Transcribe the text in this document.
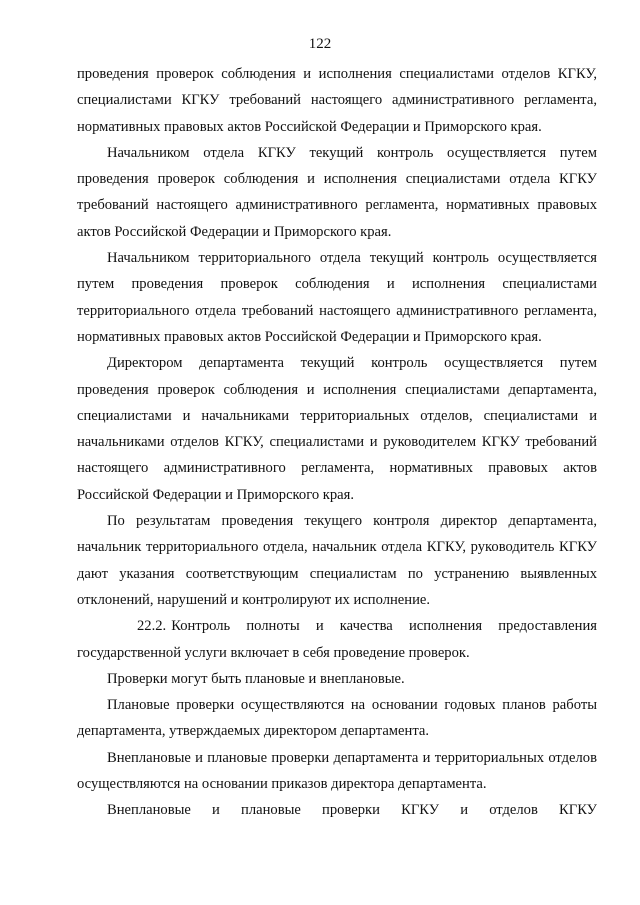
122

проведения проверок соблюдения и исполнения специалистами отделов КГКУ, специалистами КГКУ требований настоящего административного регламента, нормативных правовых актов Российской Федерации и Приморского края.

Начальником отдела КГКУ текущий контроль осуществляется путем проведения проверок соблюдения и исполнения специалистами отдела КГКУ требований настоящего административного регламента, нормативных правовых актов Российской Федерации и Приморского края.

Начальником территориального отдела текущий контроль осуществляется путем проведения проверок соблюдения и исполнения специалистами территориального отдела требований настоящего административного регламента, нормативных правовых актов Российской Федерации и Приморского края.

Директором департамента текущий контроль осуществляется путем проведения проверок соблюдения и исполнения специалистами департамента, специалистами и начальниками территориальных отделов, специалистами и начальниками отделов КГКУ, специалистами и руководителем КГКУ требований настоящего административного регламента, нормативных правовых актов Российской Федерации и Приморского края.

По результатам проведения текущего контроля директор департамента, начальник территориального отдела, начальник отдела КГКУ, руководитель КГКУ дают указания соответствующим специалистам по устранению выявленных отклонений, нарушений и контролируют их исполнение.

22.2. Контроль полноты и качества исполнения предоставления государственной услуги включает в себя проведение проверок.

Проверки могут быть плановые и внеплановые.

Плановые проверки осуществляются на основании годовых планов работы департамента, утверждаемых директором департамента.

Внеплановые и плановые проверки департамента и территориальных отделов осуществляются на основании приказов директора департамента.

Внеплановые и плановые проверки КГКУ и отделов КГКУ
